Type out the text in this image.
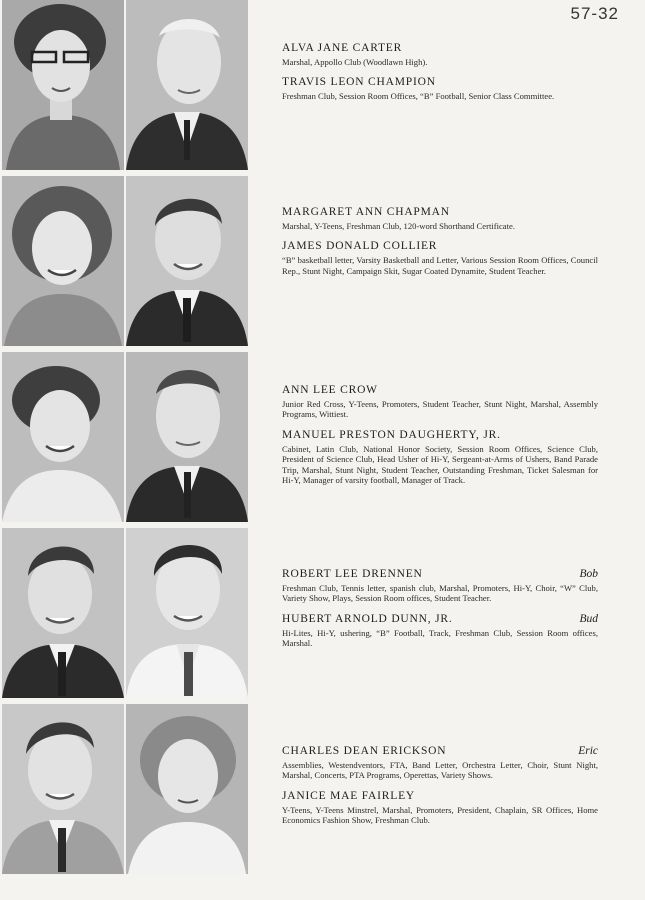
57-32

ALVA JANE CARTER

Marshal, Appollo Club (Woodlawn High).

TRAVIS LEON CHAMPION

Freshman Club, Session Room Offices, “B” Football, Senior Class Committee.

MARGARET ANN CHAPMAN

Marshal, Y-Teens, Freshman Club, 120-word Shorthand Certificate.

JAMES DONALD COLLIER

“B” basketball letter, Varsity Basketball and Letter, Various Session Room Offices, Council Rep., Stunt Night, Campaign Skit, Sugar Coated Dynamite, Student Teacher.

ANN LEE CROW

Junior Red Cross, Y-Teens, Promoters, Student Teacher, Stunt Night, Marshal, Assembly Programs, Wittiest.

MANUEL PRESTON DAUGHERTY, JR.

Cabinet, Latin Club, National Honor Society, Session Room Offices, Science Club, President of Science Club, Head Usher of Hi-Y, Sergeant-at-Arms of Ushers, Band Parade Trip, Marshal, Stunt Night, Student Teacher, Outstanding Freshman, Ticket Salesman for Hi-Y, Manager of varsity football, Manager of Track.

ROBERT LEE DRENNEN	Bob

Freshman Club, Tennis letter, spanish club, Marshal, Promoters, Hi-Y, Choir, “W” Club, Variety Show, Plays, Session Room offices, Student Teacher.

HUBERT ARNOLD DUNN, JR.	Bud

Hi-Lites, Hi-Y, ushering, “B” Football, Track, Freshman Club, Session Room offices, Marshal.

CHARLES DEAN ERICKSON	Eric

Assemblies, Westendventors, FTA, Band Letter, Orchestra Letter, Choir, Stunt Night, Marshal, Concerts, PTA Programs, Operettas, Variety Shows.

JANICE MAE FAIRLEY

Y-Teens, Y-Teens Minstrel, Marshal, Promoters, President, Chaplain, SR Offices, Home Economics Fashion Show, Freshman Club.
